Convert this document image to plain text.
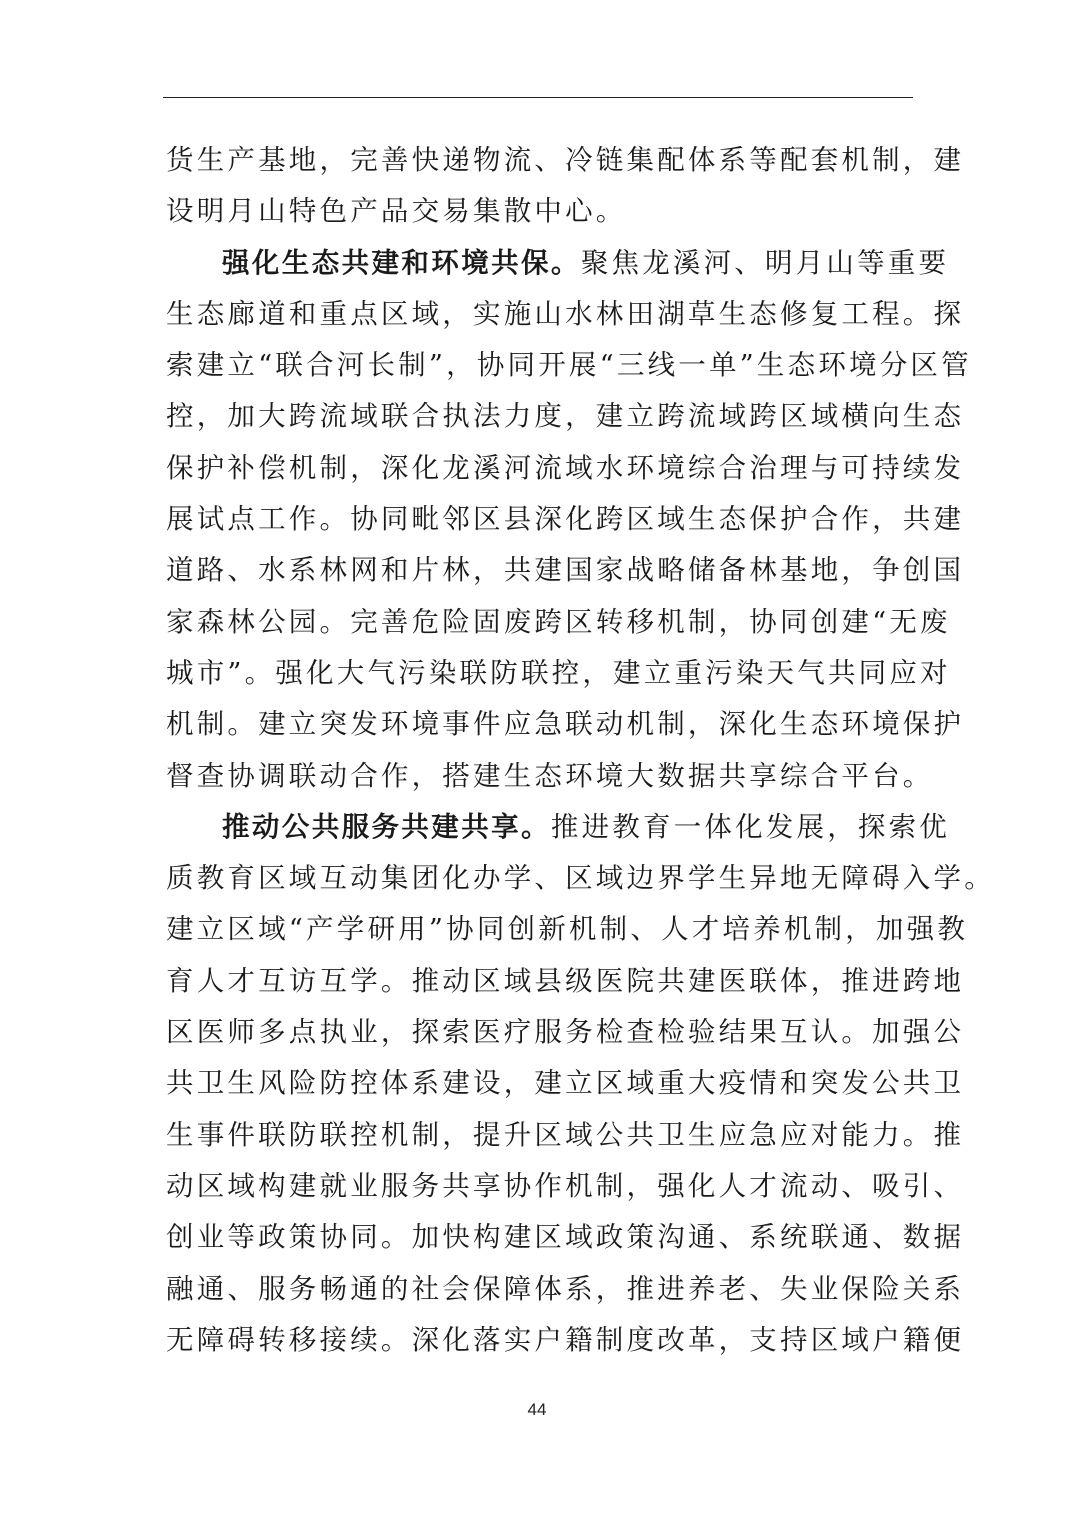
货生产基地，完善快递物流、冷链集配体系等配套机制，建
设明月山特色产品交易集散中心。
强化生态共建和环境共保。聚焦龙溪河、明月山等重要
生态廊道和重点区域，实施山水林田湖草生态修复工程。探
索建立“联合河长制”，协同开展“三线一单”生态环境分区管
控，加大跨流域联合执法力度，建立跨流域跨区域横向生态
保护补偿机制，深化龙溪河流域水环境综合治理与可持续发
展试点工作。协同毗邻区县深化跨区域生态保护合作，共建
道路、水系林网和片林，共建国家战略储备林基地，争创国
家森林公园。完善危险固废跨区转移机制，协同创建“无废
城市”。强化大气污染联防联控，建立重污染天气共同应对
机制。建立突发环境事件应急联动机制，深化生态环境保护
督查协调联动合作，搭建生态环境大数据共享综合平台。
推动公共服务共建共享。推进教育一体化发展，探索优
质教育区域互动集团化办学、区域边界学生异地无障碍入学。
建立区域“产学研用”协同创新机制、人才培养机制，加强教
育人才互访互学。推动区域县级医院共建医联体，推进跨地
区医师多点执业，探索医疗服务检查检验结果互认。加强公
共卫生风险防控体系建设，建立区域重大疫情和突发公共卫
生事件联防联控机制，提升区域公共卫生应急应对能力。推
动区域构建就业服务共享协作机制，强化人才流动、吸引、
创业等政策协同。加快构建区域政策沟通、系统联通、数据
融通、服务畅通的社会保障体系，推进养老、失业保险关系
无障碍转移接续。深化落实户籍制度改革，支持区域户籍便
44
